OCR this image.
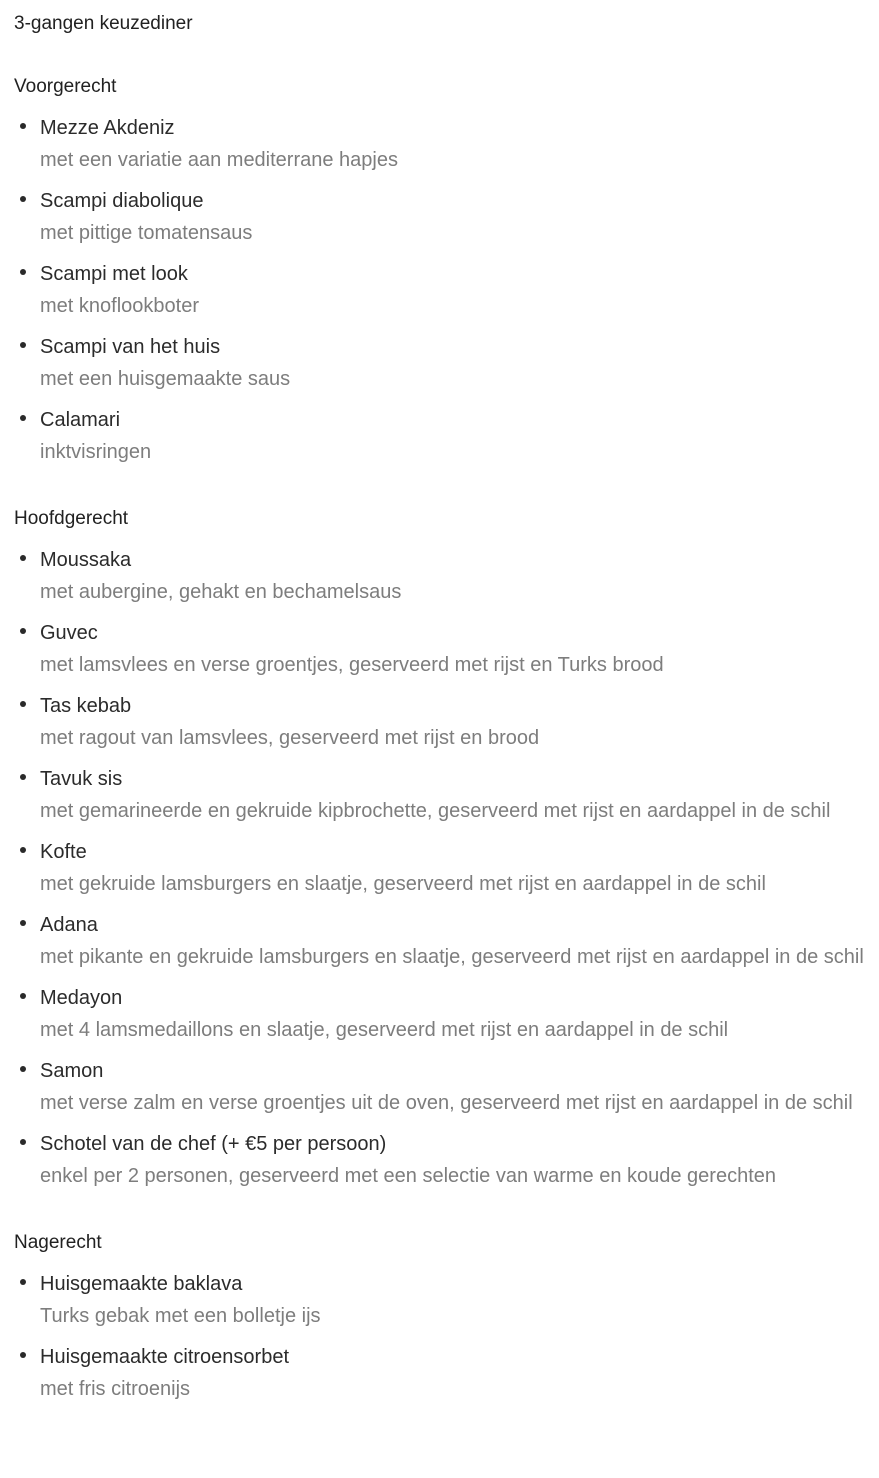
3-gangen keuzediner
Voorgerecht
Mezze Akdeniz
met een variatie aan mediterrane hapjes
Scampi diabolique
met pittige tomatensaus
Scampi met look
met knoflookboter
Scampi van het huis
met een huisgemaakte saus
Calamari
inktvisringen
Hoofdgerecht
Moussaka
met aubergine, gehakt en bechamelsaus
Guvec
met lamsvlees en verse groentjes, geserveerd met rijst en Turks brood
Tas kebab
met ragout van lamsvlees, geserveerd met rijst en brood
Tavuk sis
met gemarineerde en gekruide kipbrochette, geserveerd met rijst en aardappel in de schil
Kofte
met gekruide lamsburgers en slaatje, geserveerd met rijst en aardappel in de schil
Adana
met pikante en gekruide lamsburgers en slaatje, geserveerd met rijst en aardappel in de schil
Medayon
met 4 lamsmedaillons en slaatje, geserveerd met rijst en aardappel in de schil
Samon
met verse zalm en verse groentjes uit de oven, geserveerd met rijst en aardappel in de schil
Schotel van de chef (+ €5 per persoon)
enkel per 2 personen, geserveerd met een selectie van warme en koude gerechten
Nagerecht
Huisgemaakte baklava
Turks gebak met een bolletje ijs
Huisgemaakte citroensorbet
met fris citroenijs
